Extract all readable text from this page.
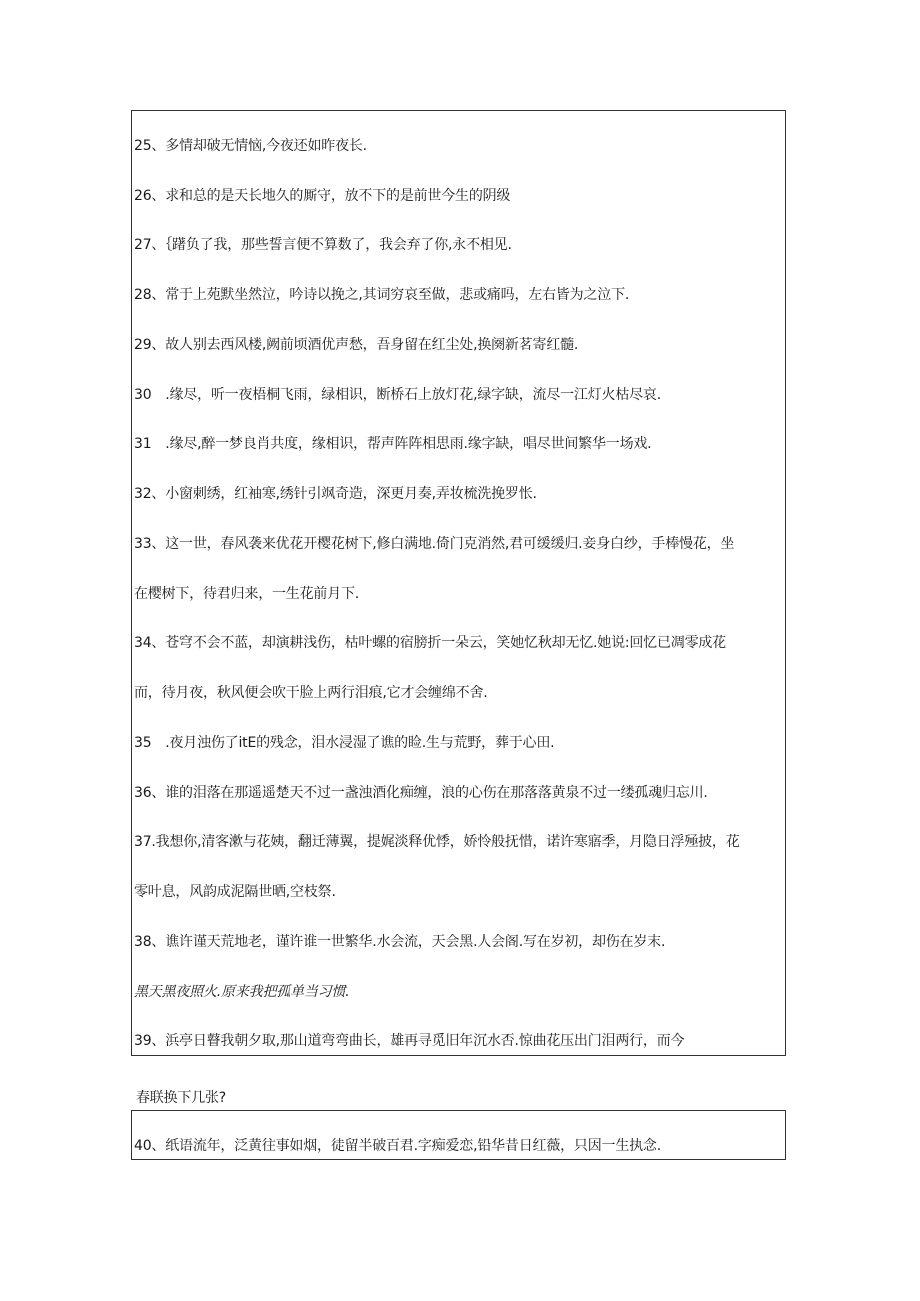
25、多情却破无情恼,今夜还如昨夜长.
26、求和总的是天长地久的厮守，放不下的是前世今生的阴级
27、｛躇负了我，那些誓言便不算数了，我会弃了你,永不相见.
28、常于上苑默坐然泣，吟诗以挽之,其词穷哀至做，悲或痛吗，左右皆为之泣下.
29、故人别去西风楼,阙前顷酒优声愁，吾身留在红尘处,换阕新茗寄红髓.
30　.缘尽，听一夜梧桐飞雨，绿相识，断桥石上放灯花,绿字缺，流尽一江灯火枯尽哀.
31　.缘尽,醉一梦良肖共度，缘相识，帮声阵阵相思雨.缘字缺，唱尽世间繁华一场戏.
32、小窗刺绣，红袖寒,绣针引飒奇造，深更月奏,弄妆梳洗挽罗怅.
33、这一世，春风袭来优花开樱花树下,修白满地.倚门克消然,君可缓缓归.妾身白纱，手棒慢花，坐
在樱树下，待君归来，一生花前月下.
34、苍穹不会不蓝，却演耕浅伤，枯叶螺的宿膀折一朵云，笑她忆秋却无忆.她说:回忆已凋零成花
而，待月夜，秋风便会吹干脸上两行泪痕,它才会缠绵不舍.
35　.夜月浊伤了itE的残念，泪水浸湿了谯的睑.生与荒野，葬于心田.
36、谁的泪落在那遥遥楚天不过一盏浊酒化痴缠，浪的心伤在那落落黄泉不过一缕孤魂归忘川.
37.我想你,清客漱与花姨，翻迁薄翼，提娓淡释优悸，娇怜般抚惜，诺许寒寤季，月隐日浮殛披，花
零叶息，风韵成泥隔世晒,空枝祭.
38、谯许谨天荒地老，谨许谁一世繁华.水会流，天会黑.人会阁.写在岁初，却伤在岁末.
黑天黑夜照火.原来我把孤单当习惯.
39、浜亭日瞽我朝夕取,那山道弯弯曲长，雄再寻觅旧年沉水否.惊曲花压出门泪两行，而今
春联换下几张?
40、纸语流年，泛黄往事如烟，徒留半破百君.字痴爱恋,铅华昔日红薇，只因一生执念.
